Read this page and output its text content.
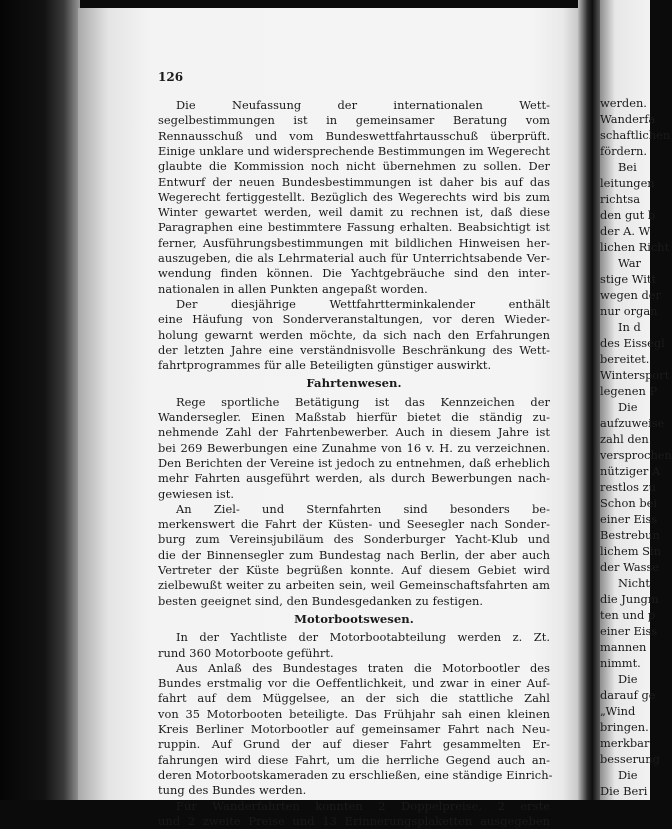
126
Die Neufassung der internationalen Wett-
segelbestimmungen ist in gemeinsamer Beratung vom
Rennausschuß und vom Bundeswettfahrtausschuß überprüft.
Einige unklare und widersprechende Bestimmungen im Wegerecht
glaubte die Kommission noch nicht übernehmen zu sollen. Der
Entwurf der neuen Bundesbestimmungen ist daher bis auf das
Wegerecht fertiggestellt. Bezüglich des Wegerechts wird bis zum
Winter gewartet werden, weil damit zu rechnen ist, daß diese
Paragraphen eine bestimmtere Fassung erhalten. Beabsichtigt ist
ferner, Ausführungsbestimmungen mit bildlichen Hinweisen her-
auszugeben, die als Lehrmaterial auch für Unterrichtsabende Ver-
wendung finden können. Die Yachtgebräuche sind den inter-
nationalen in allen Punkten angepaßt worden.
Der diesjährige Wettfahrtterminkalender enthält
eine Häufung von Sonderveranstaltungen, vor deren Wieder-
holung gewarnt werden möchte, da sich nach den Erfahrungen
der letzten Jahre eine verständnisvolle Beschränkung des Wett-
fahrtprogrammes für alle Beteiligten günstiger auswirkt.
Fahrtenwesen.
Rege sportliche Betätigung ist das Kennzeichen der
Wandersegler. Einen Maßstab hierfür bietet die ständig zu-
nehmende Zahl der Fahrtenbewerber. Auch in diesem Jahre ist
bei 269 Bewerbungen eine Zunahme von 16 v. H. zu verzeichnen.
Den Berichten der Vereine ist jedoch zu entnehmen, daß erheblich
mehr Fahrten ausgeführt werden, als durch Bewerbungen nach-
gewiesen ist.
An Ziel- und Sternfahrten sind besonders be-
merkenswert die Fahrt der Küsten- und Seesegler nach Sonder-
burg zum Vereinsjubiläum des Sonderburger Yacht-Klub und
die der Binnensegler zum Bundestag nach Berlin, der aber auch
Vertreter der Küste begrüßen konnte. Auf diesem Gebiet wird
zielbewußt weiter zu arbeiten sein, weil Gemeinschaftsfahrten am
besten geeignet sind, den Bundesgedanken zu festigen.
Motorbootswesen.
In der Yachtliste der Motorbootabteilung werden z. Zt.
rund 360 Motorboote geführt.
Aus Anlaß des Bundestages traten die Motorbootler des
Bundes erstmalig vor die Oeffentlichkeit, und zwar in einer Auf-
fahrt auf dem Müggelsee, an der sich die stattliche Zahl
von 35 Motorbooten beteiligte. Das Frühjahr sah einen kleinen
Kreis Berliner Motorbootler auf gemeinsamer Fahrt nach Neu-
ruppin. Auf Grund der auf dieser Fahrt gesammelten Er-
fahrungen wird diese Fahrt, um die herrliche Gegend auch an-
deren Motorbootskameraden zu erschließen, eine ständige Einrich-
tung des Bundes werden.
Für Wanderfahrten konnten 2 Doppelpreise, 2 erste
und 2 zweite Preise und 13 Erinnerungsplaketten ausgegeben
werden.
Wanderfa
schaftlichen
fördern.
Bei
leitungen
richtsa
den gut b
der A. W
lichen Richt
War
stige Witt
wegen der
nur organ
In d
des Eissegl
bereitet.
Wintersport
legenen P
Die
aufzuweise
zahl den
versprochen
nütziger A
restlos zu
Schon bei
einer Eiss
Bestrebun
lichem Sin
der Wasse
Nicht
die Jungm
ten und p
einer Eiss
mannen
nimmt.
Die
darauf ge
„Wind
bringen.
merkbar
besserung
Die
Die Beri
